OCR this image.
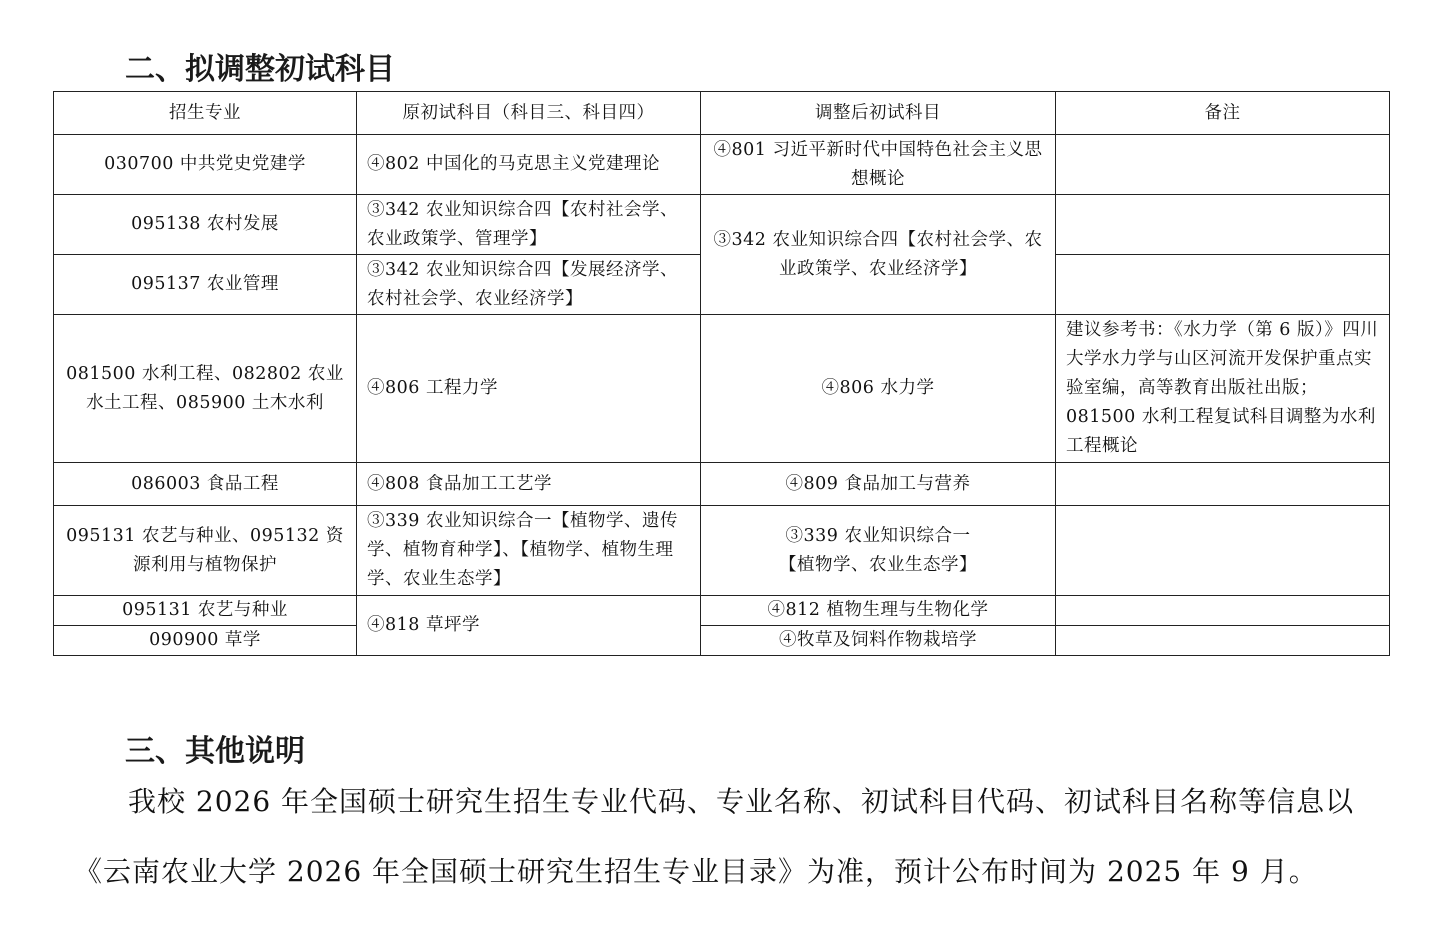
二、拟调整初试科目
招生专业	原初试科目（科目三、科目四）	调整后初试科目	备注
030700 中共党史党建学	④802 中国化的马克思主义党建理论	④801 习近平新时代中国特色社会主义思想概论	
095138 农村发展	③342 农业知识综合四【农村社会学、农业政策学、管理学】	③342 农业知识综合四【农村社会学、农业政策学、农业经济学】	
095137 农业管理	③342 农业知识综合四【发展经济学、农村社会学、农业经济学】		
081500 水利工程、082802 农业水土工程、085900 土木水利	④806 工程力学	④806 水力学	建议参考书：《水力学（第 6 版）》四川大学水力学与山区河流开发保护重点实验室编，高等教育出版社出版；081500 水利工程复试科目调整为水利工程概论
086003 食品工程	④808 食品加工工艺学	④809 食品加工与营养	
095131 农艺与种业、095132 资源利用与植物保护	③339 农业知识综合一【植物学、遗传学、植物育种学】、【植物学、植物生理学、农业生态学】	③339 农业知识综合一
【植物学、农业生态学】	

095131 农艺与种业	④818 草坪学	④812 植物生理与生物化学	
090900 草学		④牧草及饲料作物栽培学	
三、其他说明
我校 2026 年全国硕士研究生招生专业代码、专业名称、初试科目代码、初试科目名称等信息以《云南农业大学 2026 年全国硕士研究生招生专业目录》为准，预计公布时间为 2025 年 9 月。
